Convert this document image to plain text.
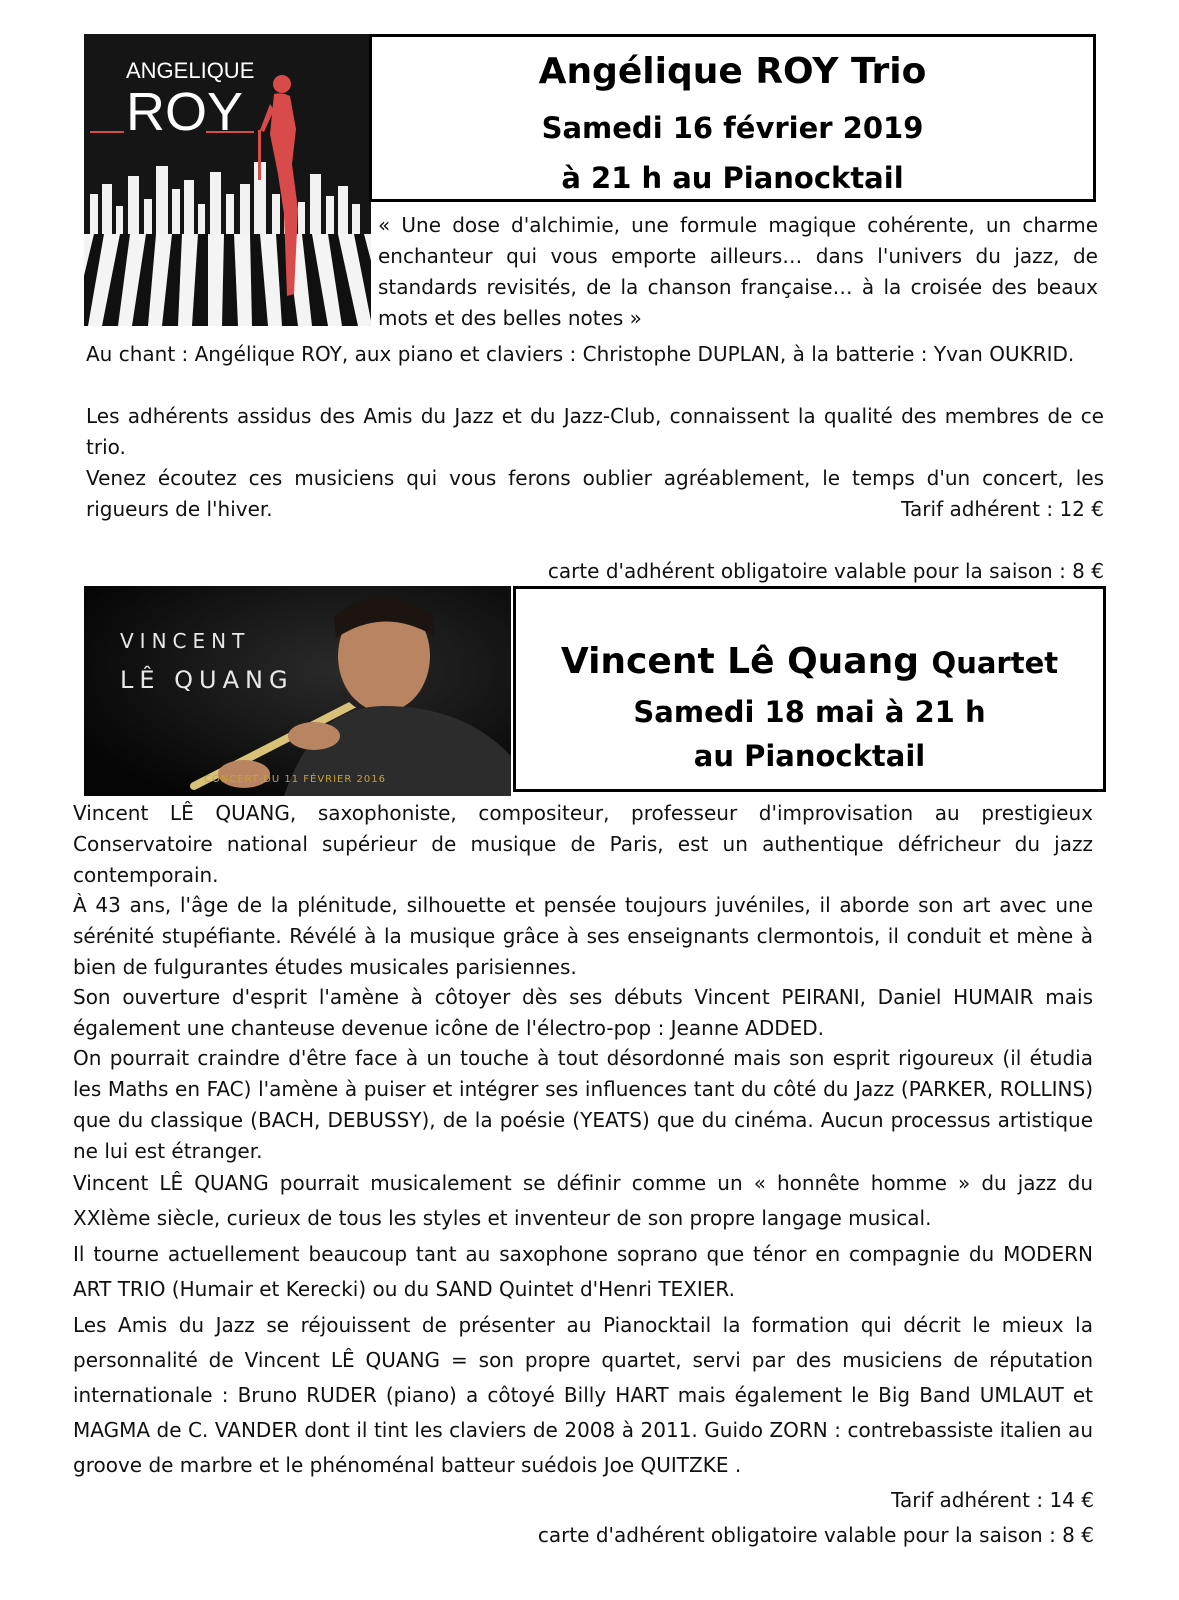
ANGELIQUE
ROY
Angélique ROY Trio
Samedi 16 février 2019
à 21 h au Pianocktail
« Une dose d'alchimie, une formule magique cohérente, un charme enchanteur qui vous emporte ailleurs… dans l'univers du jazz, de standards revisités, de la chanson française… à la croisée des beaux mots et des belles notes »
Au chant : Angélique ROY, aux piano et claviers : Christophe DUPLAN, à la batterie : Yvan OUKRID.
Les adhérents assidus des Amis du Jazz et du Jazz-Club, connaissent la qualité des membres de ce trio.
Venez écoutez ces musiciens qui vous ferons oublier agréablement, le temps d'un concert, les rigueurs de l'hiver.	Tarif adhérent : 12 €
carte d'adhérent obligatoire valable pour la saison : 8 €
VINCENT
LÊ QUANG
CONCERT DU 11 FÉVRIER 2016
Vincent Lê Quang Quartet
Samedi 18 mai à 21 h
au Pianocktail
Vincent LÊ QUANG, saxophoniste, compositeur, professeur d'improvisation au prestigieux Conservatoire national supérieur de musique de Paris, est un authentique défricheur du jazz contemporain.
À 43 ans, l'âge de la plénitude, silhouette et pensée toujours juvéniles, il aborde son art avec une sérénité stupéfiante. Révélé à la musique grâce à ses enseignants clermontois, il conduit et mène à bien de fulgurantes études musicales parisiennes.
Son ouverture d'esprit l'amène à côtoyer dès ses débuts Vincent PEIRANI, Daniel HUMAIR mais également une chanteuse devenue icône de l'électro-pop : Jeanne ADDED.
On pourrait craindre d'être face à un touche à tout désordonné mais son esprit rigoureux (il étudia les Maths en FAC) l'amène à puiser et intégrer ses influences tant du côté du Jazz (PARKER, ROLLINS) que du classique (BACH, DEBUSSY), de la poésie (YEATS) que du cinéma. Aucun processus artistique ne lui est étranger.
Vincent LÊ QUANG pourrait musicalement se définir comme un « honnête homme » du jazz du XXIème siècle, curieux de tous les styles et inventeur de son propre langage musical.
Il tourne actuellement beaucoup tant au saxophone soprano que ténor en compagnie du MODERN ART TRIO (Humair et Kerecki) ou du SAND Quintet d'Henri TEXIER.
Les Amis du Jazz se réjouissent de présenter au Pianocktail la formation qui décrit le mieux la personnalité de Vincent LÊ QUANG = son propre quartet, servi par des musiciens de réputation internationale : Bruno RUDER (piano) a côtoyé Billy HART mais également le Big Band UMLAUT et MAGMA de C. VANDER dont il tint les claviers de 2008 à 2011. Guido ZORN : contrebassiste italien au groove de marbre et le phénoménal batteur suédois Joe QUITZKE .
Tarif adhérent : 14 €
carte d'adhérent obligatoire valable pour la saison : 8 €
